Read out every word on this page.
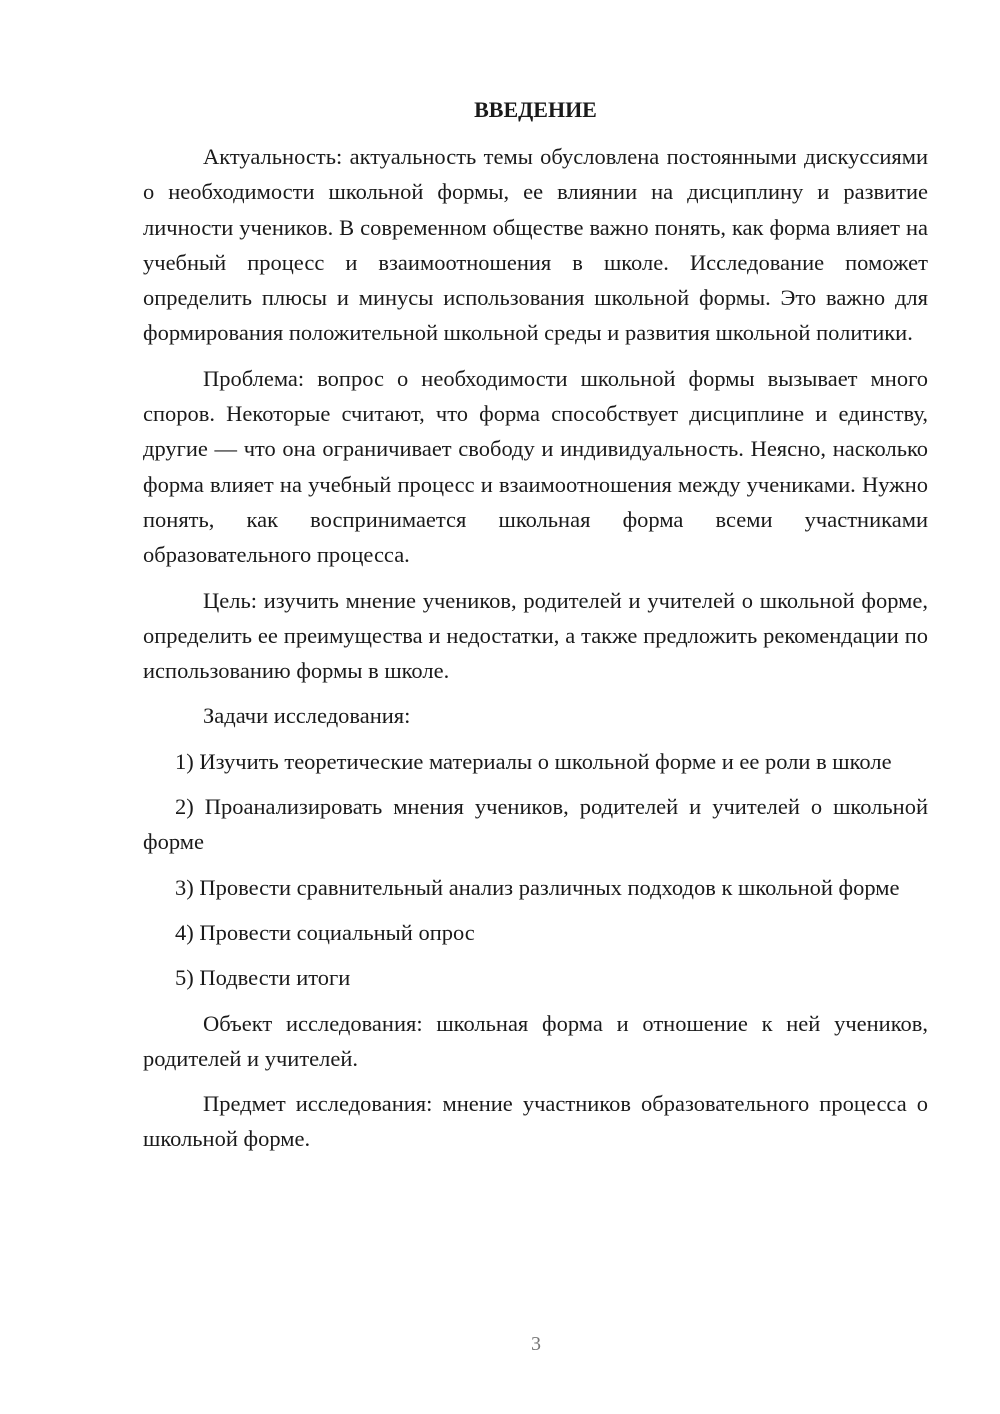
ВВЕДЕНИЕ

Актуальность: актуальность темы обусловлена постоянными дискуссиями о необходимости школьной формы, ее влиянии на дисциплину и развитие личности учеников. В современном обществе важно понять, как форма влияет на учебный процесс и взаимоотношения в школе. Исследование поможет определить плюсы и минусы использования школьной формы. Это важно для формирования положительной школьной среды и развития школьной политики.

Проблема: вопрос о необходимости школьной формы вызывает много споров. Некоторые считают, что форма способствует дисциплине и единству, другие — что она ограничивает свободу и индивидуальность. Неясно, насколько форма влияет на учебный процесс и взаимоотношения между учениками. Нужно понять, как воспринимается школьная форма всеми участниками образовательного процесса.

Цель: изучить мнение учеников, родителей и учителей о школьной форме, определить ее преимущества и недостатки, а также предложить рекомендации по использованию формы в школе.

Задачи исследования:

1) Изучить теоретические материалы о школьной форме и ее роли в школе

2) Проанализировать мнения учеников, родителей и учителей о школьной форме

3) Провести сравнительный анализ различных подходов к школьной форме

4) Провести социальный опрос

5) Подвести итоги

Объект исследования: школьная форма и отношение к ней учеников, родителей и учителей.

Предмет исследования: мнение участников образовательного процесса о школьной форме.

3
